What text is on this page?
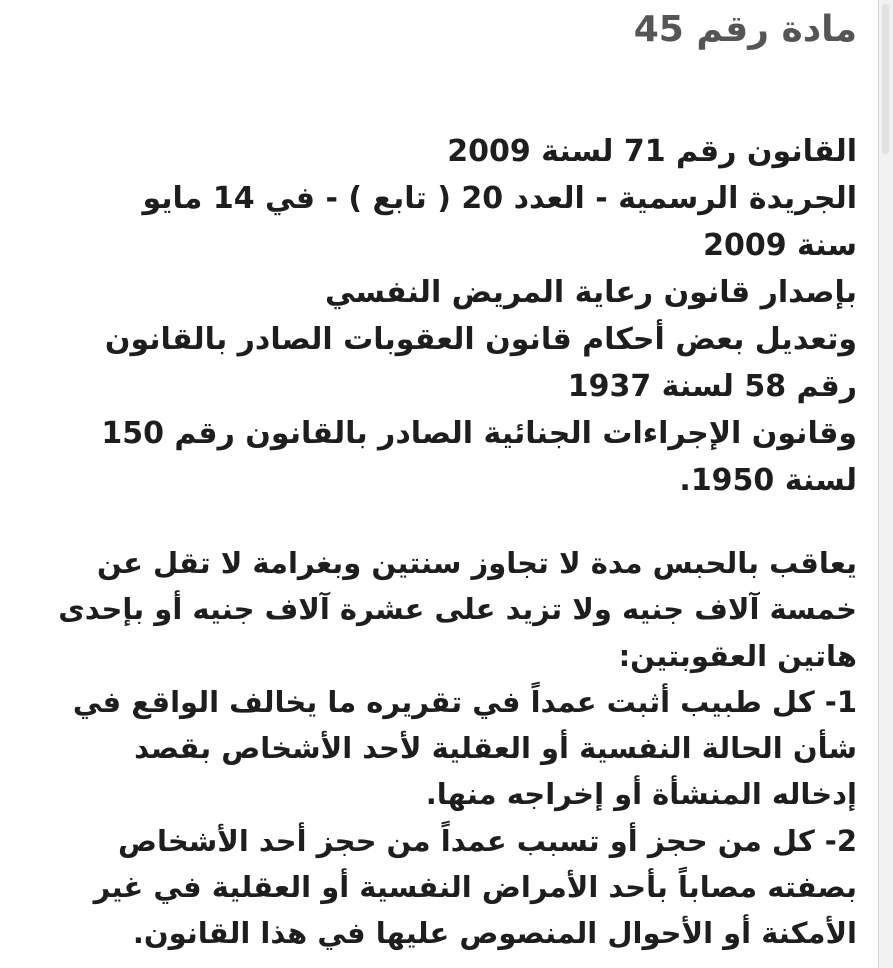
مادة رقم 45
القانون رقم 71 لسنة 2009
الجريدة الرسمية - العدد 20 ( تابع ) - في 14 مايو
سنة 2009
بإصدار قانون رعاية المريض النفسي
وتعديل بعض أحكام قانون العقوبات الصادر بالقانون
رقم 58 لسنة 1937
وقانون الإجراءات الجنائية الصادر بالقانون رقم 150
لسنة 1950.
يعاقب بالحبس مدة لا تجاوز سنتين وبغرامة لا تقل عن
خمسة آلاف جنيه ولا تزيد على عشرة آلاف جنيه أو بإحدى
هاتين العقوبتين:
1- كل طبيب أثبت عمداً في تقريره ما يخالف الواقع في
شأن الحالة النفسية أو العقلية لأحد الأشخاص بقصد
إدخاله المنشأة أو إخراجه منها.
2- كل من حجز أو تسبب عمداً من حجز أحد الأشخاص
بصفته مصاباً بأحد الأمراض النفسية أو العقلية في غير
الأمكنة أو الأحوال المنصوص عليها في هذا القانون.
